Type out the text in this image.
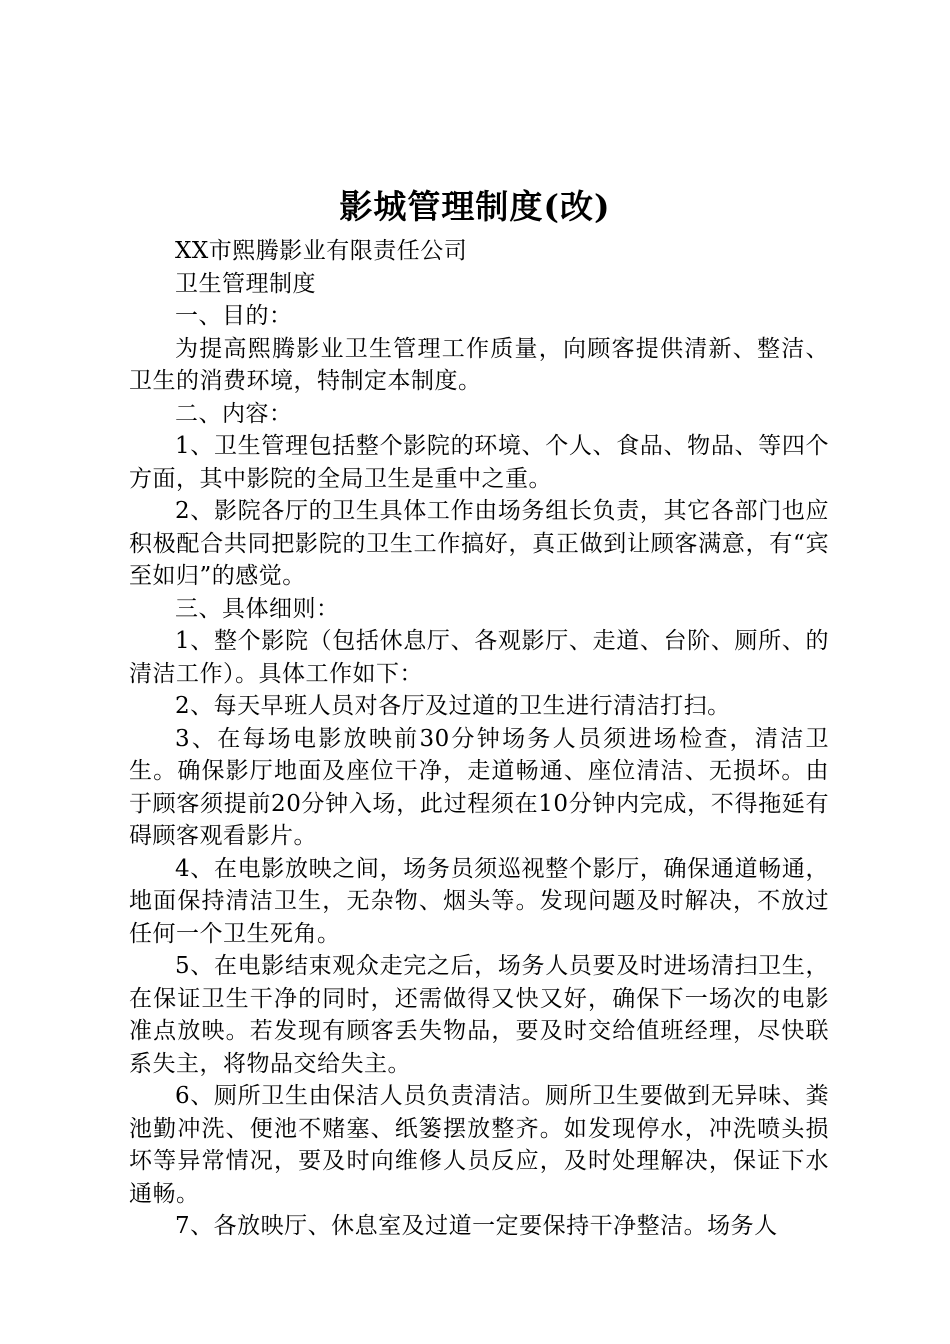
影城管理制度(改)

XX市熙腾影业有限责任公司

卫生管理制度

一、目的：

为提高熙腾影业卫生管理工作质量，向顾客提供清新、整洁、卫生的消费环境，特制定本制度。

二、内容：

1、卫生管理包括整个影院的环境、个人、食品、物品、等四个方面，其中影院的全局卫生是重中之重。

2、影院各厅的卫生具体工作由场务组长负责，其它各部门也应积极配合共同把影院的卫生工作搞好，真正做到让顾客满意，有“宾至如归”的感觉。

三、具体细则：

1、整个影院（包括休息厅、各观影厅、走道、台阶、厕所、的清洁工作）。具体工作如下：

2、每天早班人员对各厅及过道的卫生进行清洁打扫。

3、在每场电影放映前30分钟场务人员须进场检查，清洁卫生。确保影厅地面及座位干净，走道畅通、座位清洁、无损坏。由于顾客须提前20分钟入场，此过程须在10分钟内完成，不得拖延有碍顾客观看影片。

4、在电影放映之间，场务员须巡视整个影厅，确保通道畅通，地面保持清洁卫生，无杂物、烟头等。发现问题及时解决，不放过任何一个卫生死角。

5、在电影结束观众走完之后，场务人员要及时进场清扫卫生，在保证卫生干净的同时，还需做得又快又好，确保下一场次的电影准点放映。若发现有顾客丢失物品，要及时交给值班经理，尽快联系失主，将物品交给失主。

6、厕所卫生由保洁人员负责清洁。厕所卫生要做到无异味、粪池勤冲洗、便池不赌塞、纸篓摆放整齐。如发现停水，冲洗喷头损坏等异常情况，要及时向维修人员反应，及时处理解决，保证下水通畅。

7、各放映厅、休息室及过道一定要保持干净整洁。场务人
